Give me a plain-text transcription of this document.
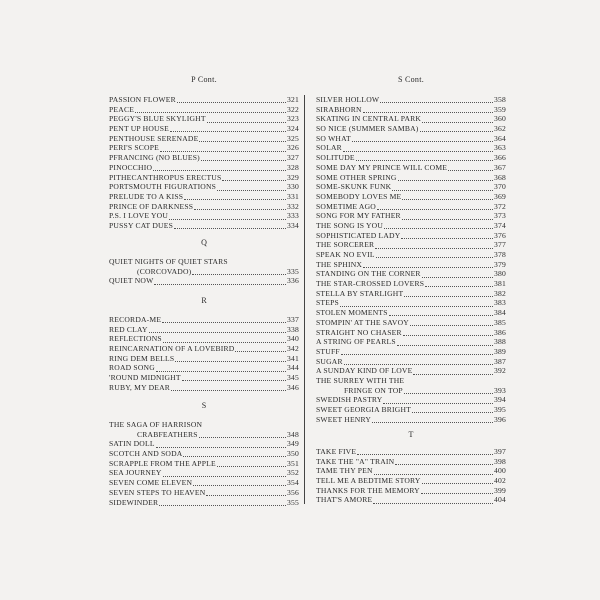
P Cont.
PASSION FLOWER	321
PEACE	322
PEGGY'S BLUE SKYLIGHT	323
PENT UP HOUSE	324
PENTHOUSE SERENADE	325
PERI'S SCOPE	326
PFRANCING (NO BLUES)	327
PINOCCHIO	328
PITHECANTHROPUS ERECTUS	329
PORTSMOUTH FIGURATIONS	330
PRELUDE TO A KISS	331
PRINCE OF DARKNESS	332
P.S. I LOVE YOU	333
PUSSY CAT DUES	334
Q
QUIET NIGHTS OF QUIET STARS
(CORCOVADO)	335
QUIET NOW	336
R
RECORDA-ME	337
RED CLAY	338
REFLECTIONS	340
REINCARNATION OF A LOVEBIRD	342
RING DEM BELLS	341
ROAD SONG	344
'ROUND MIDNIGHT	345
RUBY, MY DEAR	346
S
THE SAGA OF HARRISON
CRABFEATHERS	348
SATIN DOLL	349
SCOTCH AND SODA	350
SCRAPPLE FROM THE APPLE	351
SEA JOURNEY	352
SEVEN COME ELEVEN	354
SEVEN STEPS TO HEAVEN	356
SIDEWINDER	355
S Cont.
SILVER HOLLOW	358
SIRABHORN	359
SKATING IN CENTRAL PARK	360
SO NICE (SUMMER SAMBA)	362
SO WHAT	364
SOLAR	363
SOLITUDE	366
SOME DAY MY PRINCE WILL COME	367
SOME OTHER SPRING	368
SOME-SKUNK FUNK	370
SOMEBODY LOVES ME	369
SOMETIME AGO	372
SONG FOR MY FATHER	373
THE SONG IS YOU	374
SOPHISTICATED LADY	376
THE SORCERER	377
SPEAK NO EVIL	378
THE SPHINX	379
STANDING ON THE CORNER	380
THE STAR-CROSSED LOVERS	381
STELLA BY STARLIGHT	382
STEPS	383
STOLEN MOMENTS	384
STOMPIN' AT THE SAVOY	385
STRAIGHT NO CHASER	386
A STRING OF PEARLS	388
STUFF	389
SUGAR	387
A SUNDAY KIND OF LOVE	392
THE SURREY WITH THE
FRINGE ON TOP	393
SWEDISH PASTRY	394
SWEET GEORGIA BRIGHT	395
SWEET HENRY	396
T
TAKE FIVE	397
TAKE THE "A" TRAIN	398
TAME THY PEN	400
TELL ME A BEDTIME STORY	402
THANKS FOR THE MEMORY	399
THAT'S AMORE	404
